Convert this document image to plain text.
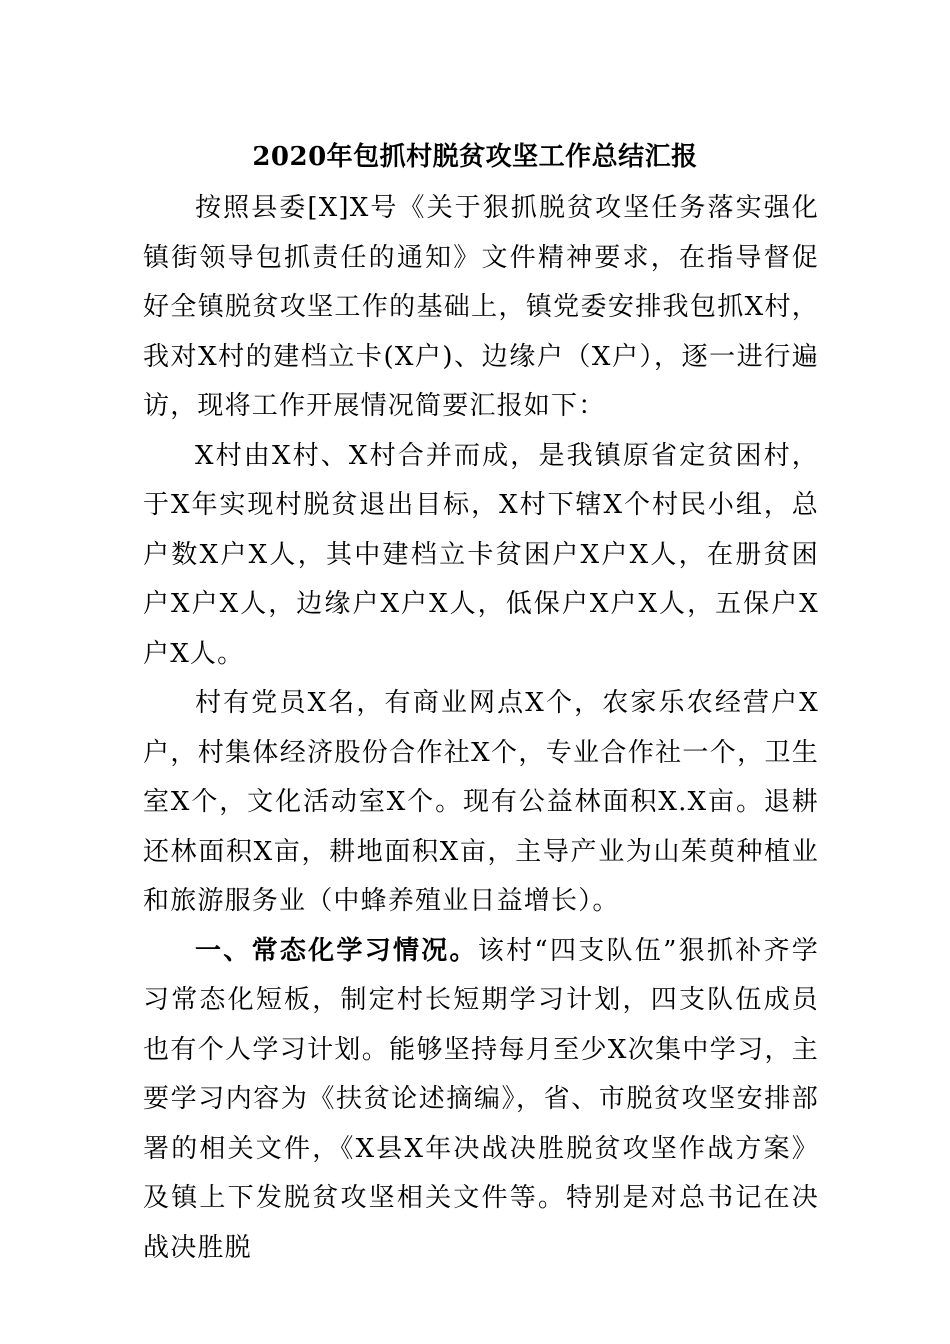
2020年包抓村脱贫攻坚工作总结汇报

按照县委[X]X号《关于狠抓脱贫攻坚任务落实强化镇街领导包抓责任的通知》文件精神要求，在指导督促好全镇脱贫攻坚工作的基础上，镇党委安排我包抓X村，我对X村的建档立卡(X户)、边缘户（X户），逐一进行遍访，现将工作开展情况简要汇报如下：

X村由X村、X村合并而成，是我镇原省定贫困村，于X年实现村脱贫退出目标，X村下辖X个村民小组，总户数X户X人，其中建档立卡贫困户X户X人，在册贫困户X户X人，边缘户X户X人，低保户X户X人，五保户X户X人。

村有党员X名，有商业网点X个，农家乐农经营户X户，村集体经济股份合作社X个，专业合作社一个，卫生室X个，文化活动室X个。现有公益林面积X.X亩。退耕还林面积X亩，耕地面积X亩，主导产业为山茱萸种植业和旅游服务业（中蜂养殖业日益增长）。

一、常态化学习情况。该村“四支队伍”狠抓补齐学习常态化短板，制定村长短期学习计划，四支队伍成员也有个人学习计划。能够坚持每月至少X次集中学习，主要学习内容为《扶贫论述摘编》，省、市脱贫攻坚安排部署的相关文件，《X县X年决战决胜脱贫攻坚作战方案》及镇上下发脱贫攻坚相关文件等。特别是对总书记在决战决胜脱
